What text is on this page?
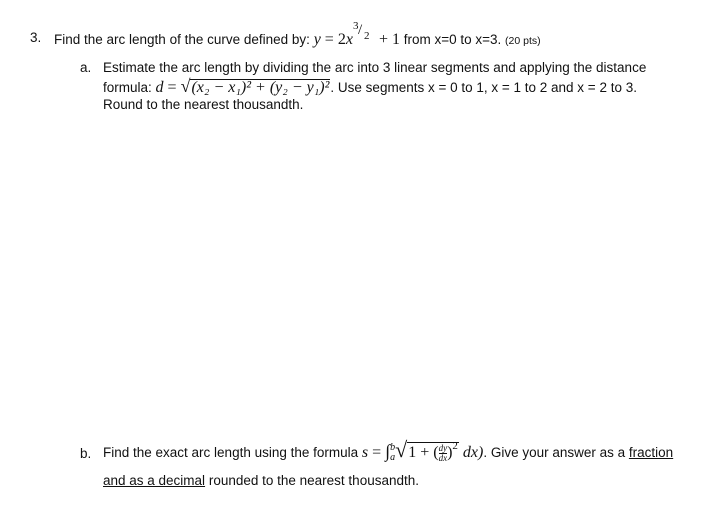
3. Find the arc length of the curve defined by: y = 2x
3 / 2 + 1 from x=0 to x=3. (20 pts)
a. Estimate the arc length by dividing the arc into 3 linear segments and applying the distance
formula: d = √(x₂ − x₁)² + (y₂ − y₁)². Use segments x = 0 to 1, x = 1 to 2 and x = 2 to 3.
Round to the nearest thousandth.
b. Find the exact arc length using the formula s = ∫ b
a √1 + ( $\frac{dy}{dx} )^2$ dx). Give your answer as a fraction
and as a decimal rounded to the nearest thousandth.
